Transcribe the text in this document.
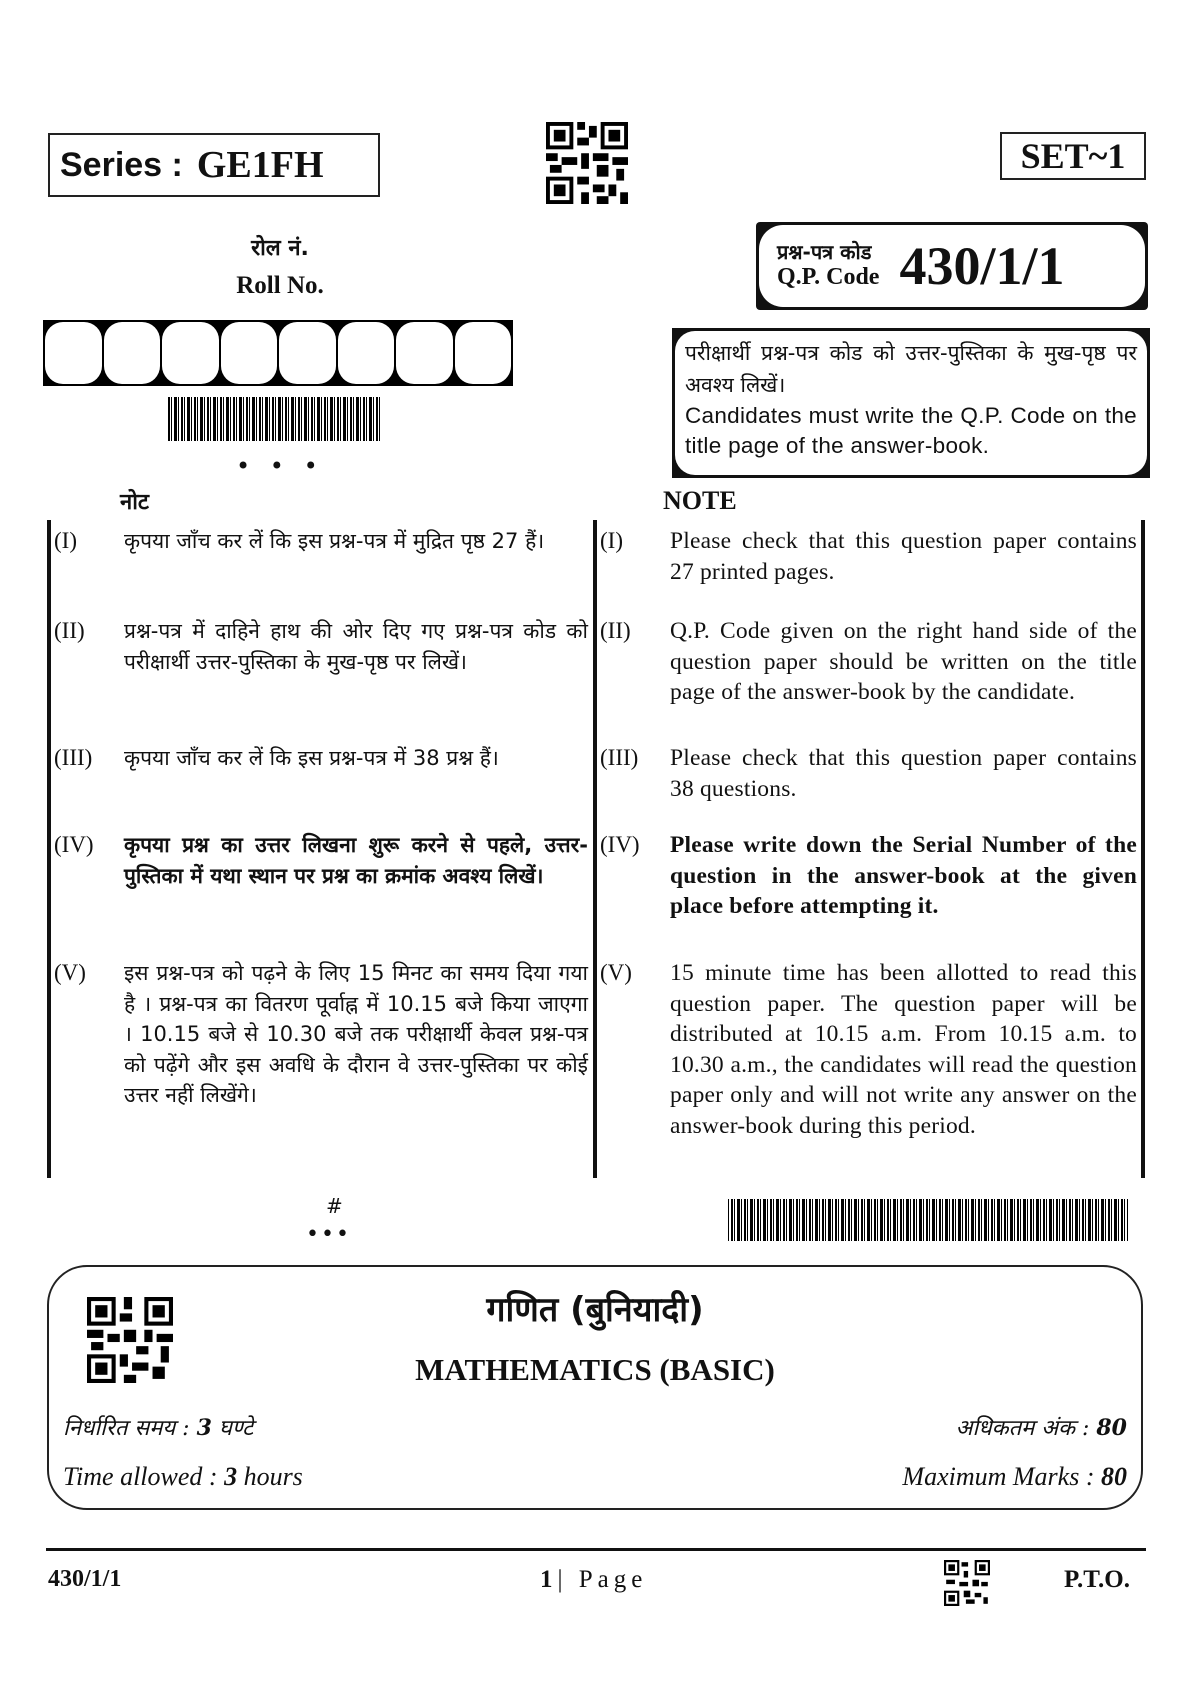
Series : GE1FH	SET~1
रोल नं.
Roll No.
• • •
प्रश्न-पत्र कोड
Q.P. Code 430/1/1
परीक्षार्थी प्रश्न-पत्र कोड को उत्तर-पुस्तिका के मुख-पृष्ठ पर अवश्य लिखें।
Candidates must write the Q.P. Code on the title page of the answer-book.
नोट	NOTE
(I)	कृपया जाँच कर लें कि इस प्रश्न-पत्र में मुद्रित पृष्ठ 27 हैं।
(II)	प्रश्न-पत्र में दाहिने हाथ की ओर दिए गए प्रश्न-पत्र कोड को परीक्षार्थी उत्तर-पुस्तिका के मुख-पृष्ठ पर लिखें।
(III)	कृपया जाँच कर लें कि इस प्रश्न-पत्र में 38 प्रश्न हैं।
(IV)	कृपया प्रश्न का उत्तर लिखना शुरू करने से पहले, उत्तर-पुस्तिका में यथा स्थान पर प्रश्न का क्रमांक अवश्य लिखें।
(V)	इस प्रश्न-पत्र को पढ़ने के लिए 15 मिनट का समय दिया गया है । प्रश्न-पत्र का वितरण पूर्वाह्न में 10.15 बजे किया जाएगा । 10.15 बजे से 10.30 बजे तक परीक्षार्थी केवल प्रश्न-पत्र को पढ़ेंगे और इस अवधि के दौरान वे उत्तर-पुस्तिका पर कोई उत्तर नहीं लिखेंगे।
(I)	Please check that this question paper contains 27 printed pages.
(II)	Q.P. Code given on the right hand side of the question paper should be written on the title page of the answer-book by the candidate.
(III)	Please check that this question paper contains 38 questions.
(IV)	Please write down the Serial Number of the question in the answer-book at the given place before attempting it.
(V)	15 minute time has been allotted to read this question paper. The question paper will be distributed at 10.15 a.m. From 10.15 a.m. to 10.30 a.m., the candidates will read the question paper only and will not write any answer on the answer-book during this period.
#
•••
गणित (बुनियादी)
MATHEMATICS (BASIC)
निर्धारित समय : 3 घण्टे
Time allowed : 3 hours
अधिकतम अंक : 80
Maximum Marks : 80
430/1/1	1| Page	P.T.O.
